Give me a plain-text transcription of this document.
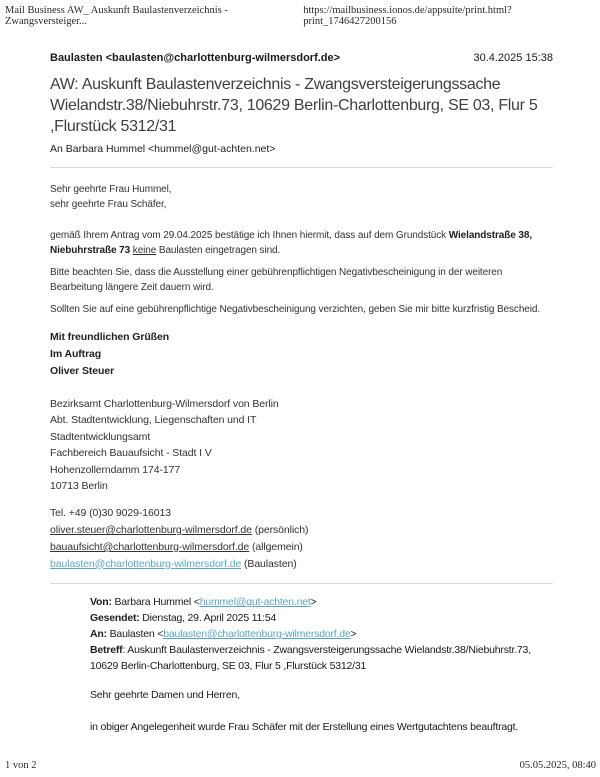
Mail Business AW_ Auskunft Baulastenverzeichnis - Zwangsversteiger...
https://mailbusiness.ionos.de/appsuite/print.html?print_1746427200156
Baulasten <baulasten@charlottenburg-wilmersdorf.de>	30.4.2025 15:38
AW: Auskunft Baulastenverzeichnis - Zwangsversteigerungssache
Wielandstr.38/Niebuhrstr.73, 10629 Berlin-Charlottenburg, SE 03, Flur 5
,Flurstück 5312/31
An Barbara Hummel <hummel@gut-achten.net>
Sehr geehrte Frau Hummel,
sehr geehrte Frau Schäfer,
gemäß Ihrem Antrag vom 29.04.2025 bestätige ich Ihnen hiermit, dass auf dem Grundstück Wielandstraße 38,
Niebuhrstraße 73 keine Baulasten eingetragen sind.
Bitte beachten Sie, dass die Ausstellung einer gebührenpflichtigen Negativbescheinigung in der weiteren
Bearbeitung längere Zeit dauern wird.
Sollten Sie auf eine gebührenpflichtige Negativbescheinigung verzichten, geben Sie mir bitte kurzfristig Bescheid.
Mit freundlichen Grüßen
Im Auftrag
Oliver Steuer
Bezirksamt Charlottenburg-Wilmersdorf von Berlin
Abt. Stadtentwicklung, Liegenschaften und IT
Stadtentwicklungsamt
Fachbereich Bauaufsicht - Stadt I V
Hohenzollerndamm 174-177
10713 Berlin
Tel. +49 (0)30 9029-16013
oliver.steuer@charlottenburg-wilmersdorf.de (persönlich)
bauaufsicht@charlottenburg-wilmersdorf.de (allgemein)
baulasten@charlottenburg-wilmersdorf.de (Baulasten)
Von: Barbara Hummel <hummel@gut-achten.net>
Gesendet: Dienstag, 29. April 2025 11:54
An: Baulasten <baulasten@charlottenburg-wilmersdorf.de>
Betreff: Auskunft Baulastenverzeichnis - Zwangsversteigerungssache Wielandstr.38/Niebuhrstr.73,
10629 Berlin-Charlottenburg, SE 03, Flur 5 ,Flurstück 5312/31
Sehr geehrte Damen und Herren,
in obiger Angelegenheit wurde Frau Schäfer mit der Erstellung eines Wertgutachtens beauftragt.
1 von 2	05.05.2025, 08:40
